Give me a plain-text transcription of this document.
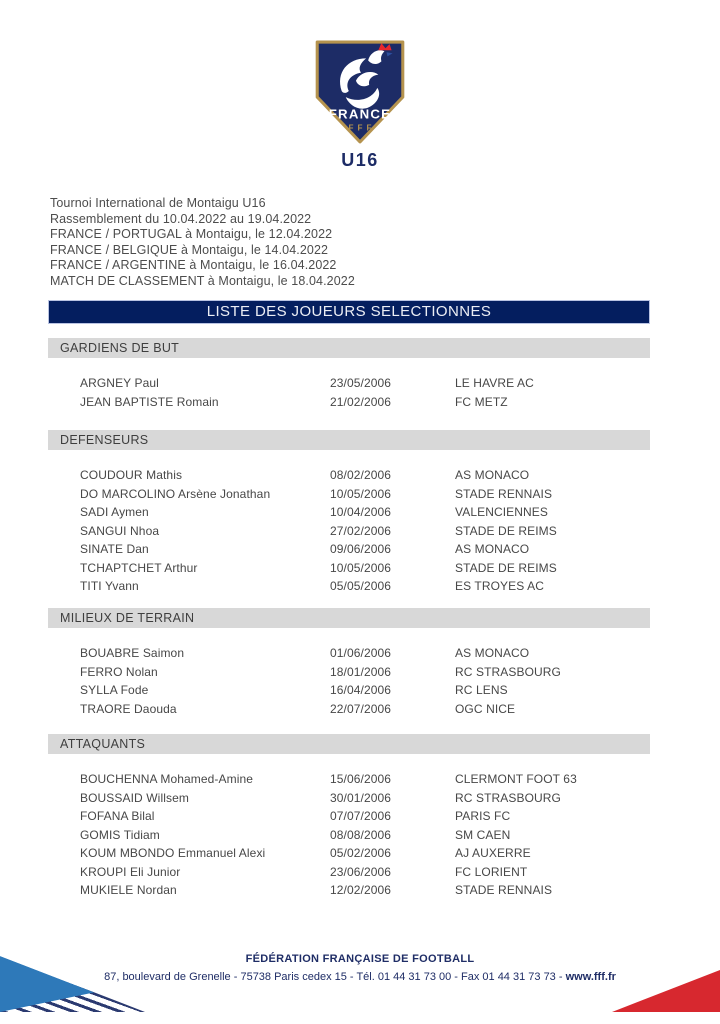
FRANCE
FFF
U16
Tournoi International de Montaigu U16
Rassemblement du 10.04.2022 au 19.04.2022
FRANCE / PORTUGAL à Montaigu, le 12.04.2022
FRANCE / BELGIQUE à Montaigu, le 14.04.2022
FRANCE / ARGENTINE à Montaigu, le 16.04.2022
MATCH DE CLASSEMENT à Montaigu, le 18.04.2022
LISTE DES JOUEURS SELECTIONNES
GARDIENS DE BUT
ARGNEY Paul	23/05/2006	LE HAVRE AC
JEAN BAPTISTE Romain	21/02/2006	FC METZ
DEFENSEURS
COUDOUR Mathis	08/02/2006	AS MONACO
DO MARCOLINO Arsène Jonathan	10/05/2006	STADE RENNAIS
SADI Aymen	10/04/2006	VALENCIENNES
SANGUI Nhoa	27/02/2006	STADE DE REIMS
SINATE Dan	09/06/2006	AS MONACO
TCHAPTCHET Arthur	10/05/2006	STADE DE REIMS
TITI Yvann	05/05/2006	ES TROYES AC
MILIEUX DE TERRAIN
BOUABRE Saimon	01/06/2006	AS MONACO
FERRO Nolan	18/01/2006	RC STRASBOURG
SYLLA Fode	16/04/2006	RC LENS
TRAORE Daouda	22/07/2006	OGC NICE
ATTAQUANTS
BOUCHENNA Mohamed-Amine	15/06/2006	CLERMONT FOOT 63
BOUSSAID Willsem	30/01/2006	RC STRASBOURG
FOFANA Bilal	07/07/2006	PARIS FC
GOMIS Tidiam	08/08/2006	SM CAEN
KOUM MBONDO Emmanuel Alexi	05/02/2006	AJ AUXERRE
KROUPI Eli Junior	23/06/2006	FC LORIENT
MUKIELE Nordan	12/02/2006	STADE RENNAIS
FÉDÉRATION FRANÇAISE DE FOOTBALL
87, boulevard de Grenelle - 75738 Paris cedex 15 - Tél. 01 44 31 73 00 - Fax 01 44 31 73 73 - www.fff.fr
